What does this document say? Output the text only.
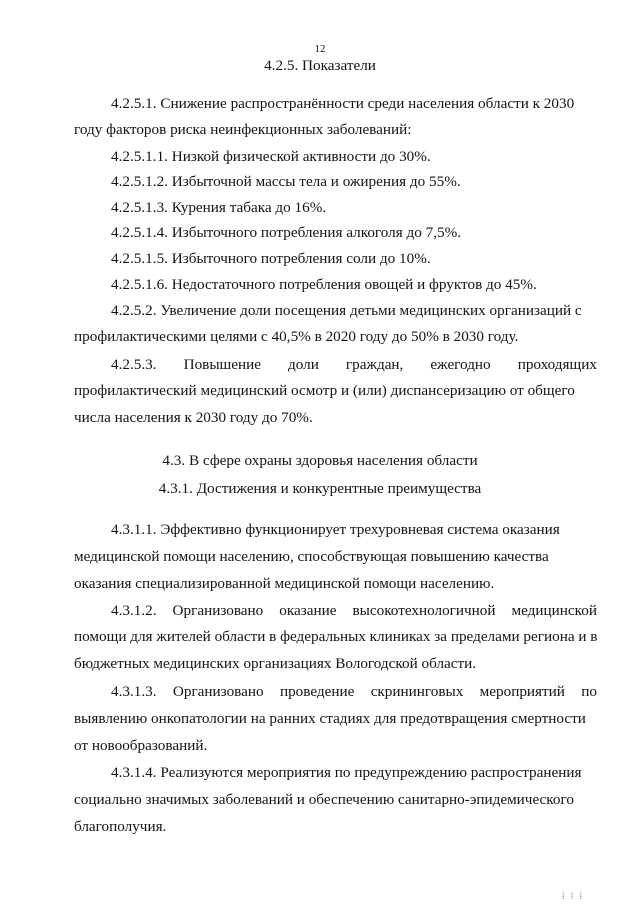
12
4.2.5. Показатели
4.2.5.1. Снижение распространённости среди населения области к 2030
году факторов риска неинфекционных заболеваний:
4.2.5.1.1. Низкой физической активности до 30%.
4.2.5.1.2. Избыточной массы тела и ожирения до 55%.
4.2.5.1.3. Курения табака до 16%.
4.2.5.1.4. Избыточного потребления алкоголя до 7,5%.
4.2.5.1.5. Избыточного потребления соли до 10%.
4.2.5.1.6. Недостаточного потребления овощей и фруктов до 45%.
4.2.5.2. Увеличение доли посещения детьми медицинских организаций с
профилактическими целями с 40,5% в 2020 году до 50% в 2030 году.
4.2.5.3. Повышение доли граждан, ежегодно проходящих
профилактический медицинский осмотр и (или) диспансеризацию от общего
числа населения к 2030 году до 70%.
4.3. В сфере охраны здоровья населения области
4.3.1. Достижения и конкурентные преимущества
4.3.1.1. Эффективно функционирует трехуровневая система оказания
медицинской помощи населению, способствующая повышению качества
оказания специализированной медицинской помощи населению.
4.3.1.2. Организовано оказание высокотехнологичной медицинской
помощи для жителей области в федеральных клиниках за пределами региона и в
бюджетных медицинских организациях Вологодской области.
4.3.1.3. Организовано проведение скрининговых мероприятий по
выявлению онкопатологии на ранних стадиях для предотвращения смертности
от новообразований.
4.3.1.4. Реализуются мероприятия по предупреждению распространения
социально значимых заболеваний и обеспечению санитарно-эпидемического
благополучия.
⁞ ⁞ ⁞
